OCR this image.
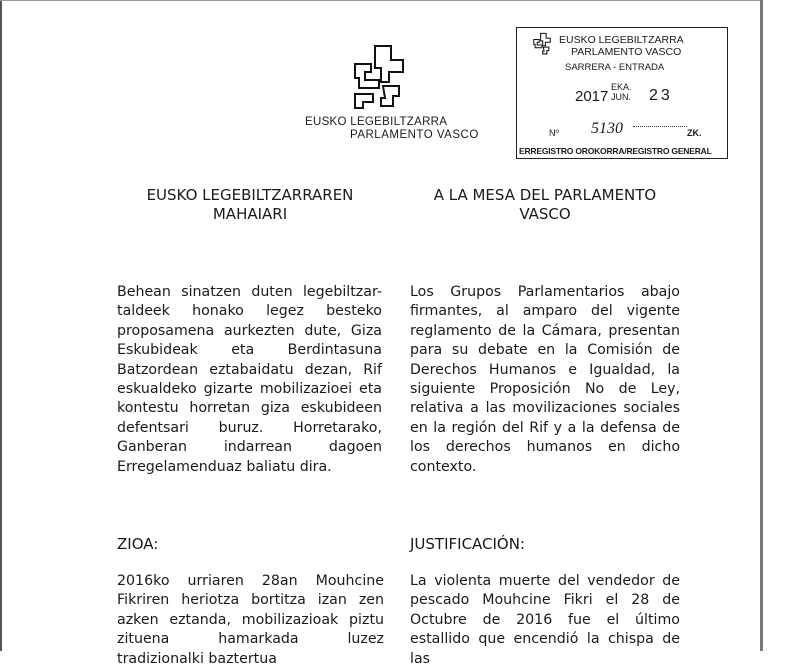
EUSKO LEGEBILTZARRA
PARLAMENTO VASCO
EUSKO LEGEBILTZARRA
PARLAMENTO VASCO
SARRERA - ENTRADA
2017
EKA.
JUN. 23
Nº 5130	ZK.
ERREGISTRO OROKORRA/REGISTRO GENERAL
EUSKO LEGEBILTZARRAREN MAHAIARI
A LA MESA DEL PARLAMENTO VASCO
Behean sinatzen duten legebiltzar-taldeek honako legez besteko proposamena aurkezten dute, Giza Eskubideak eta Berdintasuna Batzordean eztabaidatu dezan, Rif eskualdeko gizarte mobilizazioei eta kontestu horretan giza eskubideen defentsari buruz. Horretarako, Ganberan indarrean dagoen Erregelamenduaz baliatu dira.
Los Grupos Parlamentarios abajo firmantes, al amparo del vigente reglamento de la Cámara, presentan para su debate en la Comisión de Derechos Humanos e Igualdad, la siguiente Proposición No de Ley, relativa a las movilizaciones sociales en la región del Rif y a la defensa de los derechos humanos en dicho contexto.
ZIOA:	JUSTIFICACIÓN:
2016ko urriaren 28an Mouhcine Fikriren heriotza bortitza izan zen azken eztanda, mobilizazioak piztu zituena hamarkada luzez tradizionalki baztertua
La violenta muerte del vendedor de pescado Mouhcine Fikri el 28 de Octubre de 2016 fue el último estallido que encendió la chispa de las
